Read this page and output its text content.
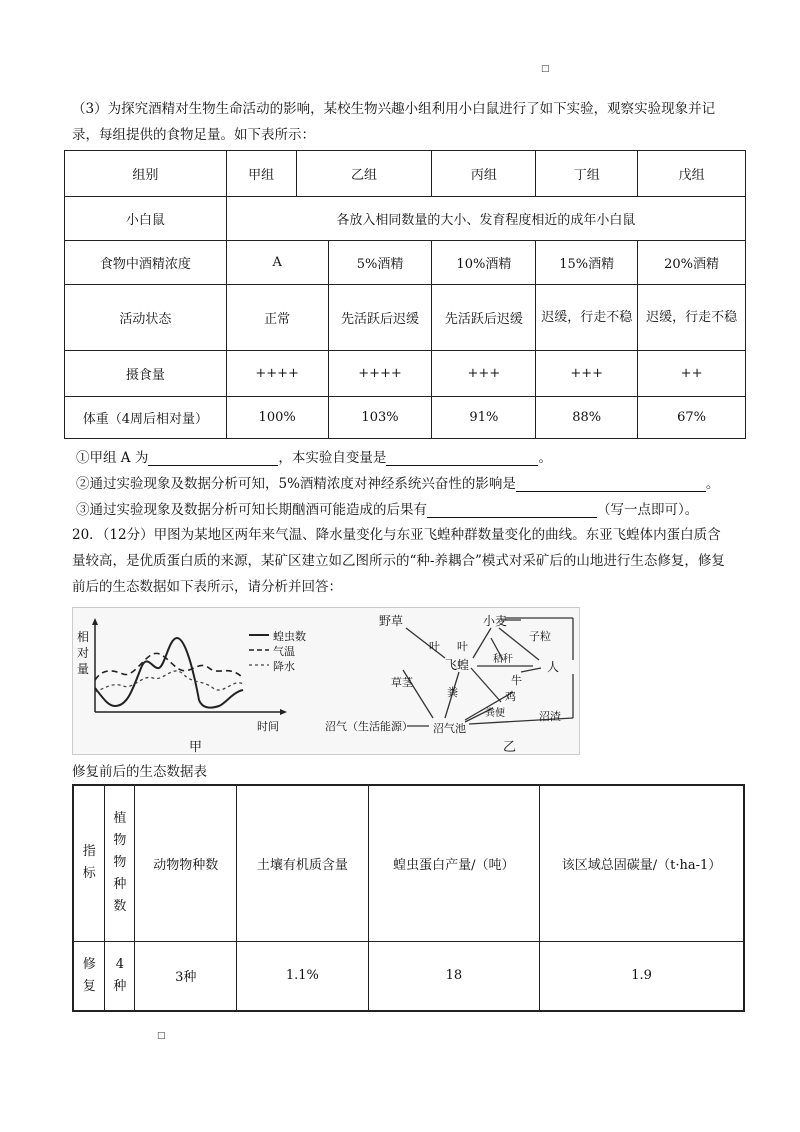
□
（3）为探究酒精对生物生命活动的影响，某校生物兴趣小组利用小白鼠进行了如下实验，观察实验现象并记录，每组提供的食物足量。如下表所示：
组别	甲组	乙组		丙组	丁组	戊组
小白鼠	各放入相同数量的大小、发育程度相近的成年小白鼠					
食物中酒精浓度	A		5%酒精	10%酒精	15%酒精	20%酒精
活动状态	正常		先活跃后迟缓	先活跃后迟缓	迟缓，行走不稳	迟缓，行走不稳
摄食量	++++		++++	+++	+++	++
体重（4周后相对量）	100%		103%	91%	88%	67%
①甲组 A 为	，本实验自变量是	。
②通过实验现象及数据分析可知，5%酒精浓度对神经系统兴奋性的影响是	。
③通过实验现象及数据分析可知长期酗酒可能造成的后果有	（写一点即可）。
20．（12分）甲图为某地区两年来气温、降水量变化与东亚飞蝗种群数量变化的曲线。东亚飞蝗体内蛋白质含量较高，是优质蛋白质的来源，某矿区建立如乙图所示的“种-养耦合”模式对采矿后的山地进行生态修复，修复前后的生态数据如下表所示，请分析并回答：
相
对
量
时间
蝗虫数
气温
降水
甲
野草	小麦
子粒
叶 叶
飞蝗 秸秆
人
草茎
粪
牛
鸡
粪便	沼渣
沼气（生活能源） 沼气池
乙
修复前后的生态数据表
指标	植物物种数	动物物种数	土壤有机质含量	蝗虫蛋白产量/（吨）	该区域总固碳量/（t·ha-1）
修复	4种	3种	1.1%	18	1.9
□
